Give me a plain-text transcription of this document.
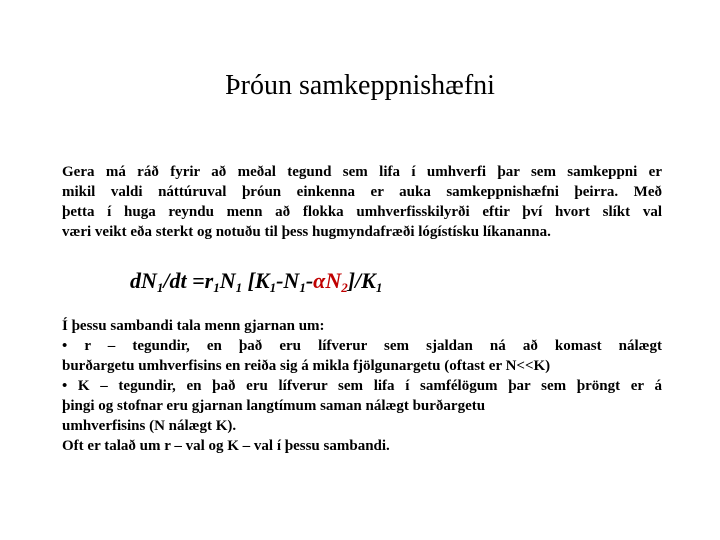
Þróun samkeppnishæfni
Gera má ráð fyrir að meðal tegund sem lifa í umhverfi þar sem samkeppni er
mikil valdi náttúruval þróun einkenna er auka samkeppnishæfni þeirra. Með
þetta í huga reyndu menn að flokka umhverfisskilyrði eftir því hvort slíkt val
væri veikt eða sterkt og notuðu til þess hugmyndafræði lógístísku líkananna.
$dN_1/dt =r_1N_1$ $[K_1-N_1-\alpha N_2]/K_1$
Í þessu sambandi tala menn gjarnan um:
• r – tegundir, en það eru lífverur sem sjaldan ná að komast nálægt
burðargetu umhverfisins en reiða sig á mikla fjölgunargetu (oftast er N<<K)
• K – tegundir, en það eru lífverur sem lifa í samfélögum þar sem þröngt er á
þingi og stofnar eru gjarnan langtímum saman nálægt burðargetu
umhverfisins (N nálægt K).
Oft er talað um r – val og K – val í þessu sambandi.
